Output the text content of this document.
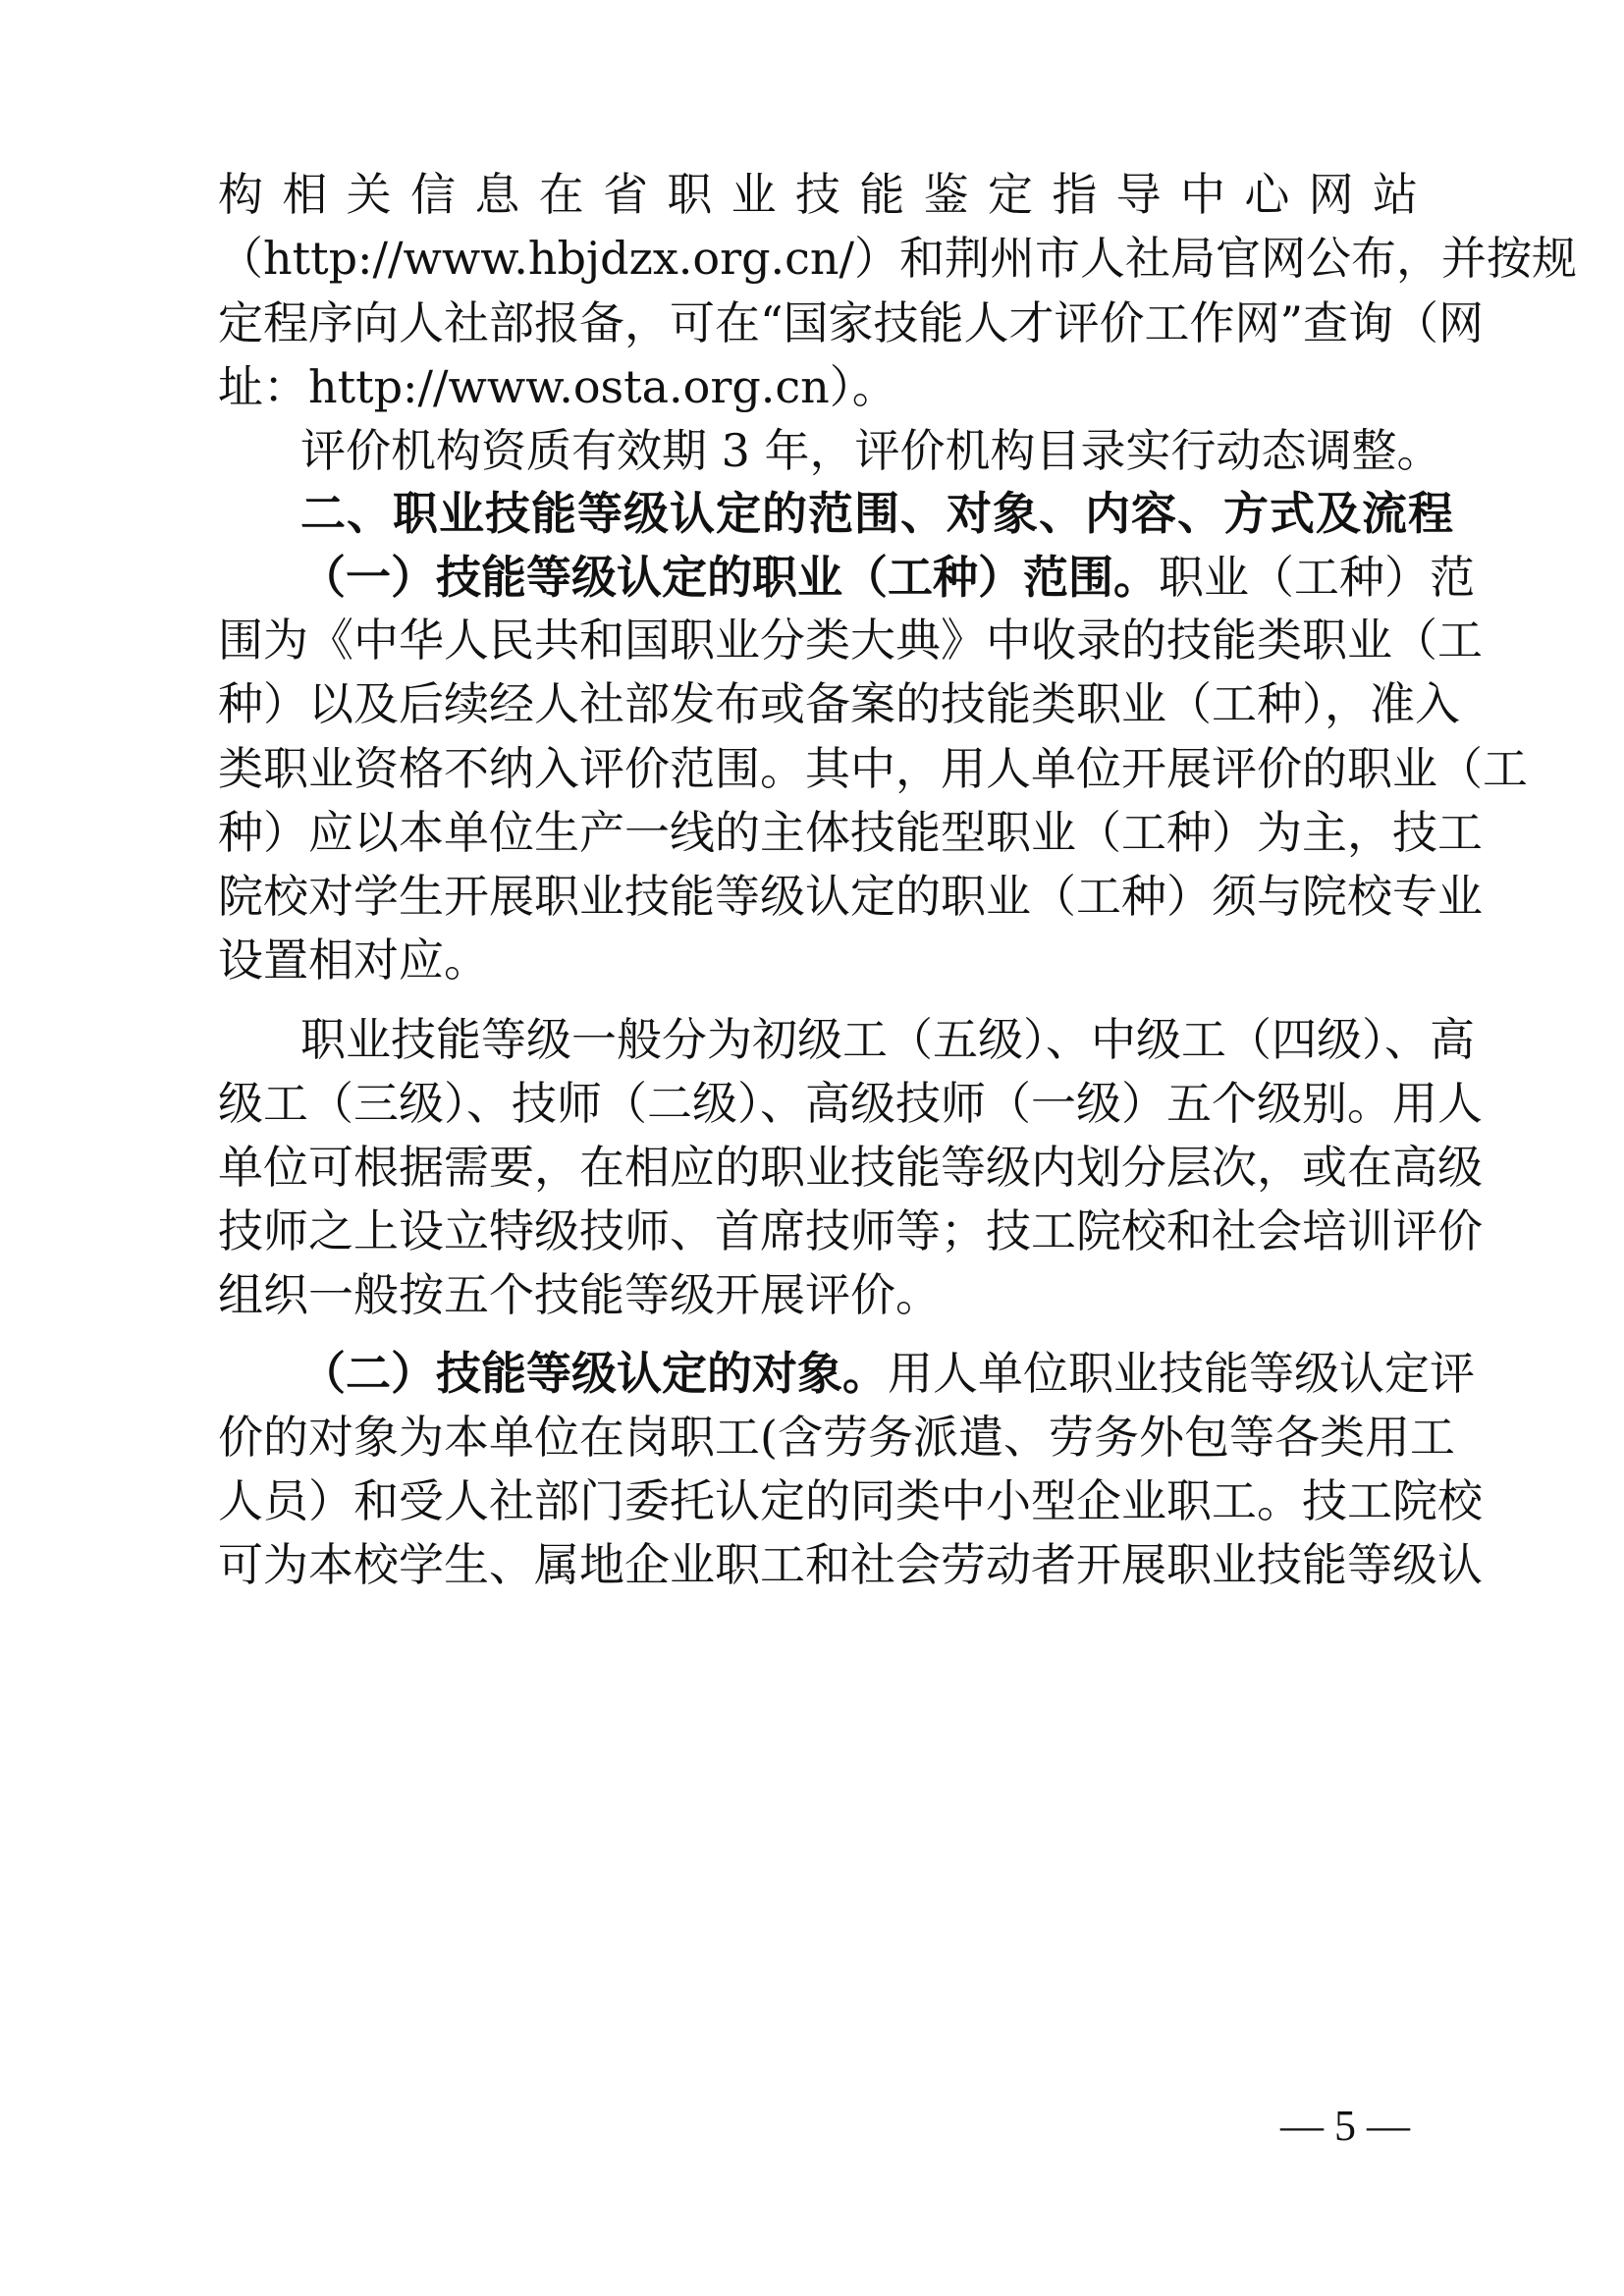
构相关信息在省职业技能鉴定指导中心网站
（http://www.hbjdzx.org.cn/）和荆州市人社局官网公布，并按规
定程序向人社部报备，可在“国家技能人才评价工作网”查询（网
址：http://www.osta.org.cn）。
评价机构资质有效期 3 年，评价机构目录实行动态调整。
二、职业技能等级认定的范围、对象、内容、方式及流程
（一）技能等级认定的职业（工种）范围。 职业（工种）范
围为《中华人民共和国职业分类大典》中收录的技能类职业（工
种）以及后续经人社部发布或备案的技能类职业（工种），准入
类职业资格不纳入评价范围。其中，用人单位开展评价的职业（工
种）应以本单位生产一线的主体技能型职业（工种）为主，技工
院校对学生开展职业技能等级认定的职业（工种）须与院校专业
设置相对应。
职业技能等级一般分为初级工（五级）、中级工（四级）、高
级工（三级）、技师（二级）、高级技师（一级）五个级别。用人
单位可根据需要，在相应的职业技能等级内划分层次，或在高级
技师之上设立特级技师、首席技师等；技工院校和社会培训评价
组织一般按五个技能等级开展评价。
（二）技能等级认定的对象。 用人单位职业技能等级认定评
价的对象为本单位在岗职工(含劳务派遣、劳务外包等各类用工
人员）和受人社部门委托认定的同类中小型企业职工。技工院校
可为本校学生、属地企业职工和社会劳动者开展职业技能等级认
— 5 —
